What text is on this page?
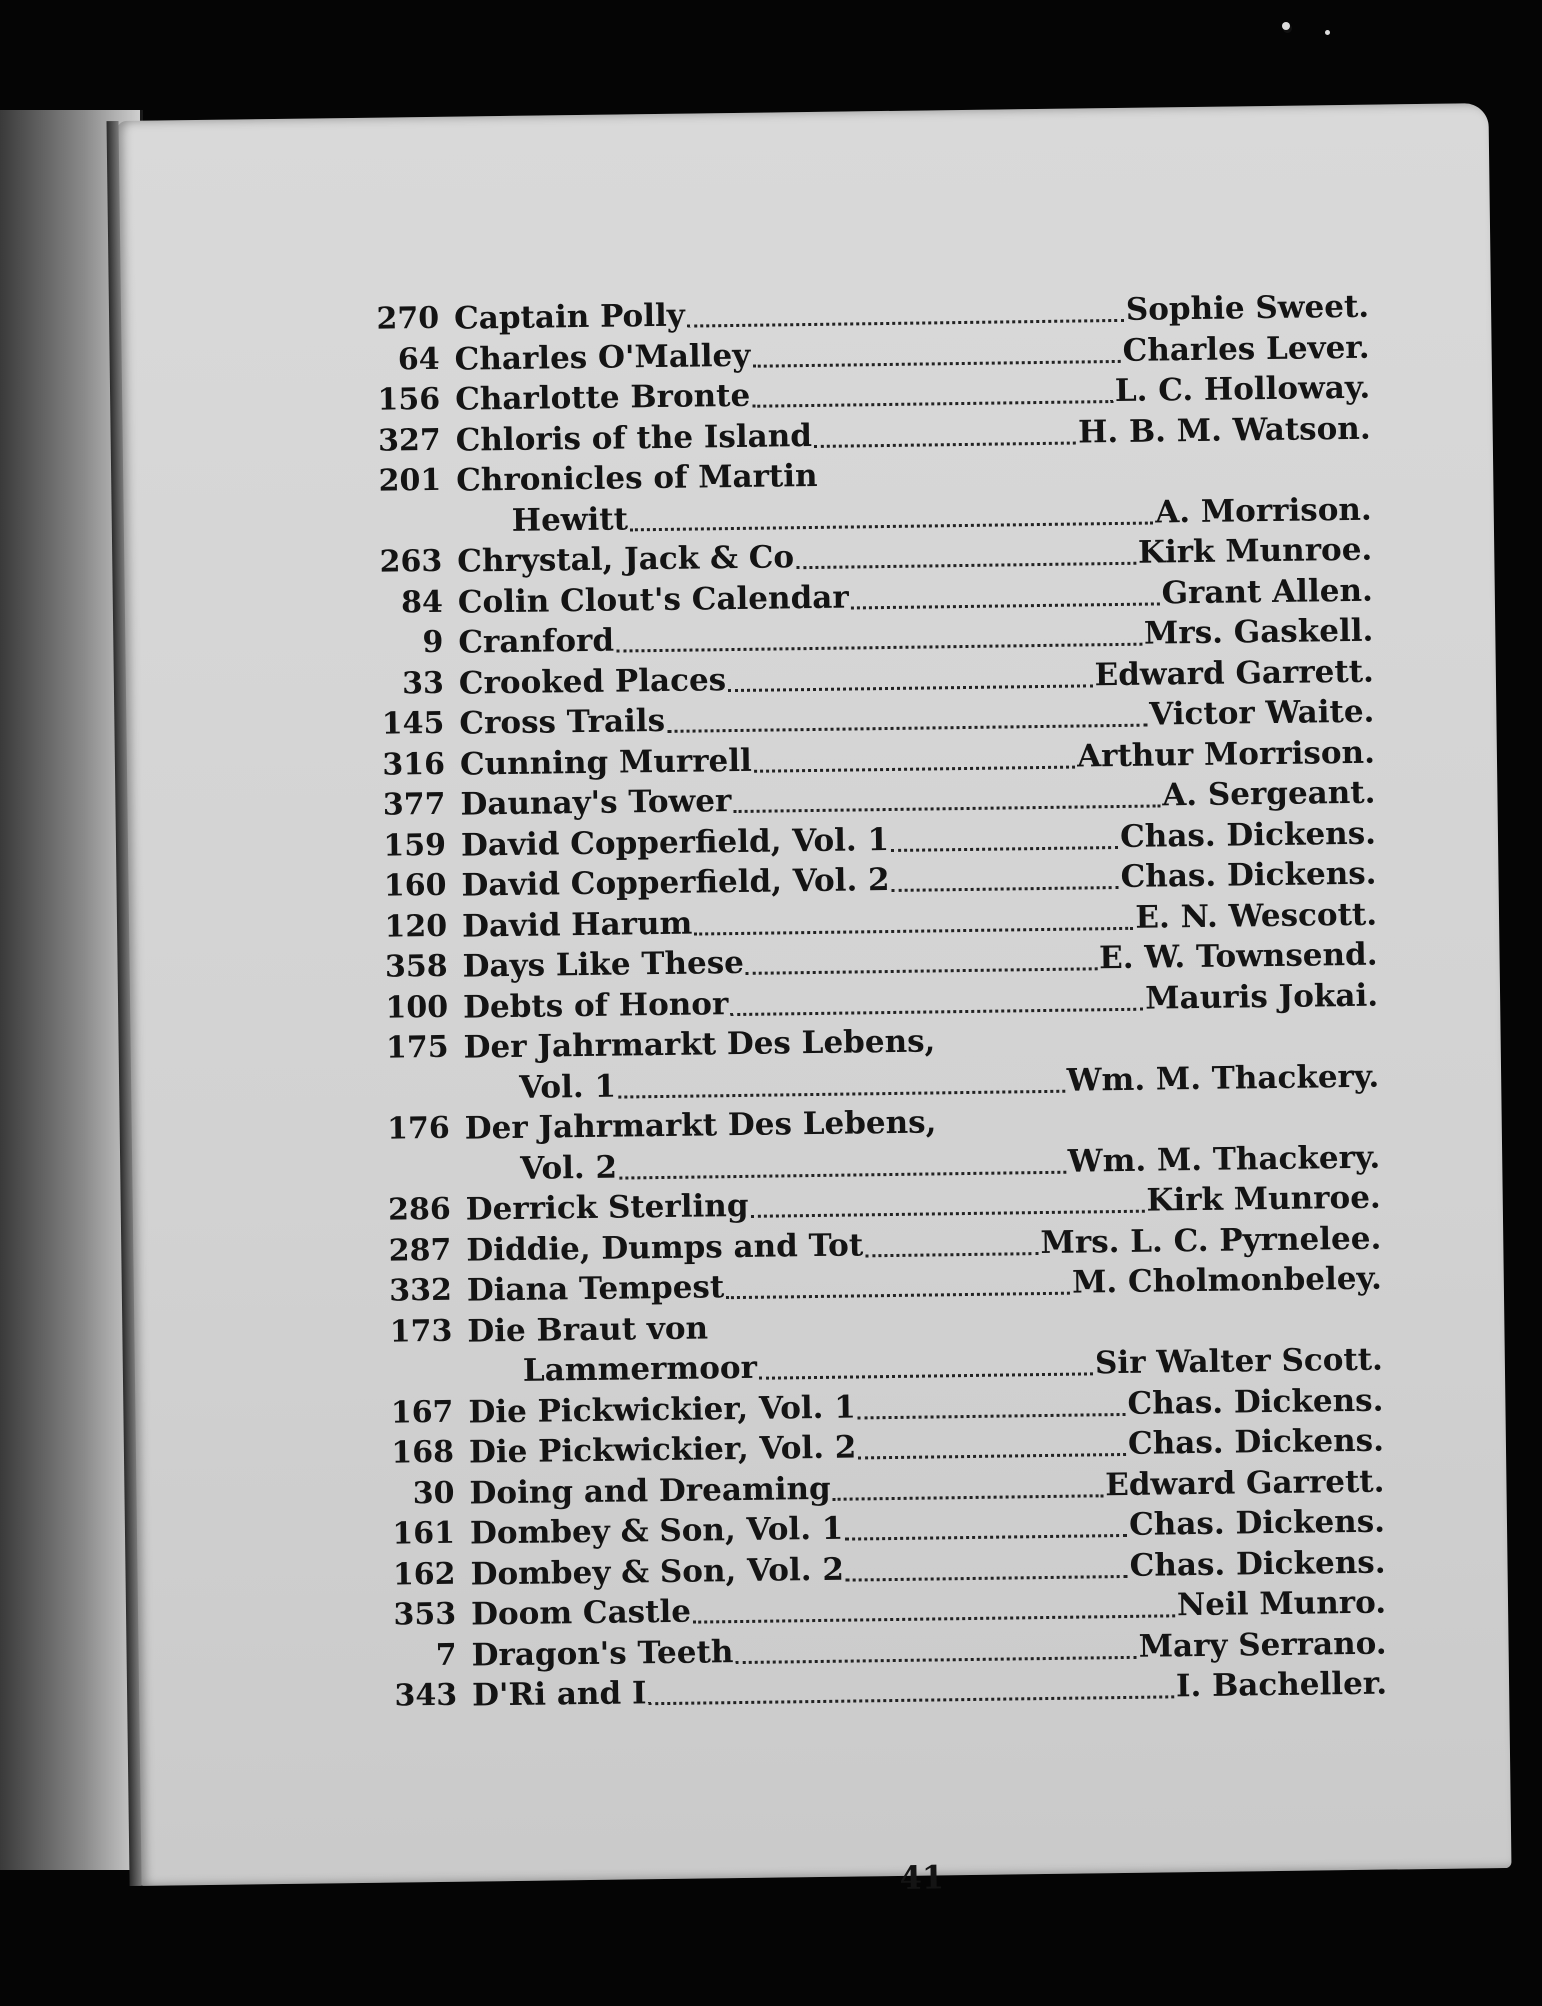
270 Captain Polly	Sophie Sweet.
64 Charles O'Malley	Charles Lever.
156 Charlotte Bronte	L. C. Holloway.
327 Chloris of the Island	H. B. M. Watson.
201 Chronicles of Martin
Hewitt	A. Morrison.
263 Chrystal, Jack & Co	Kirk Munroe.
84 Colin Clout's Calendar	Grant Allen.
9 Cranford	Mrs. Gaskell.
33 Crooked Places	Edward Garrett.
145 Cross Trails	Victor Waite.
316 Cunning Murrell	Arthur Morrison.
377 Daunay's Tower	A. Sergeant.
159 David Copperfield, Vol. 1	Chas. Dickens.
160 David Copperfield, Vol. 2	Chas. Dickens.
120 David Harum	E. N. Wescott.
358 Days Like These	E. W. Townsend.
100 Debts of Honor	Mauris Jokai.
175 Der Jahrmarkt Des Lebens,
Vol. 1	Wm. M. Thackery.
176 Der Jahrmarkt Des Lebens,
Vol. 2	Wm. M. Thackery.
286 Derrick Sterling	Kirk Munroe.
287 Diddie, Dumps and Tot	Mrs. L. C. Pyrnelee.
332 Diana Tempest	M. Cholmonbeley.
173 Die Braut von
Lammermoor	Sir Walter Scott.
167 Die Pickwickier, Vol. 1	Chas. Dickens.
168 Die Pickwickier, Vol. 2	Chas. Dickens.
30 Doing and Dreaming	Edward Garrett.
161 Dombey & Son, Vol. 1	Chas. Dickens.
162 Dombey & Son, Vol. 2	Chas. Dickens.
353 Doom Castle	Neil Munro.
7 Dragon's Teeth	Mary Serrano.
343 D'Ri and I	I. Bacheller.
41
